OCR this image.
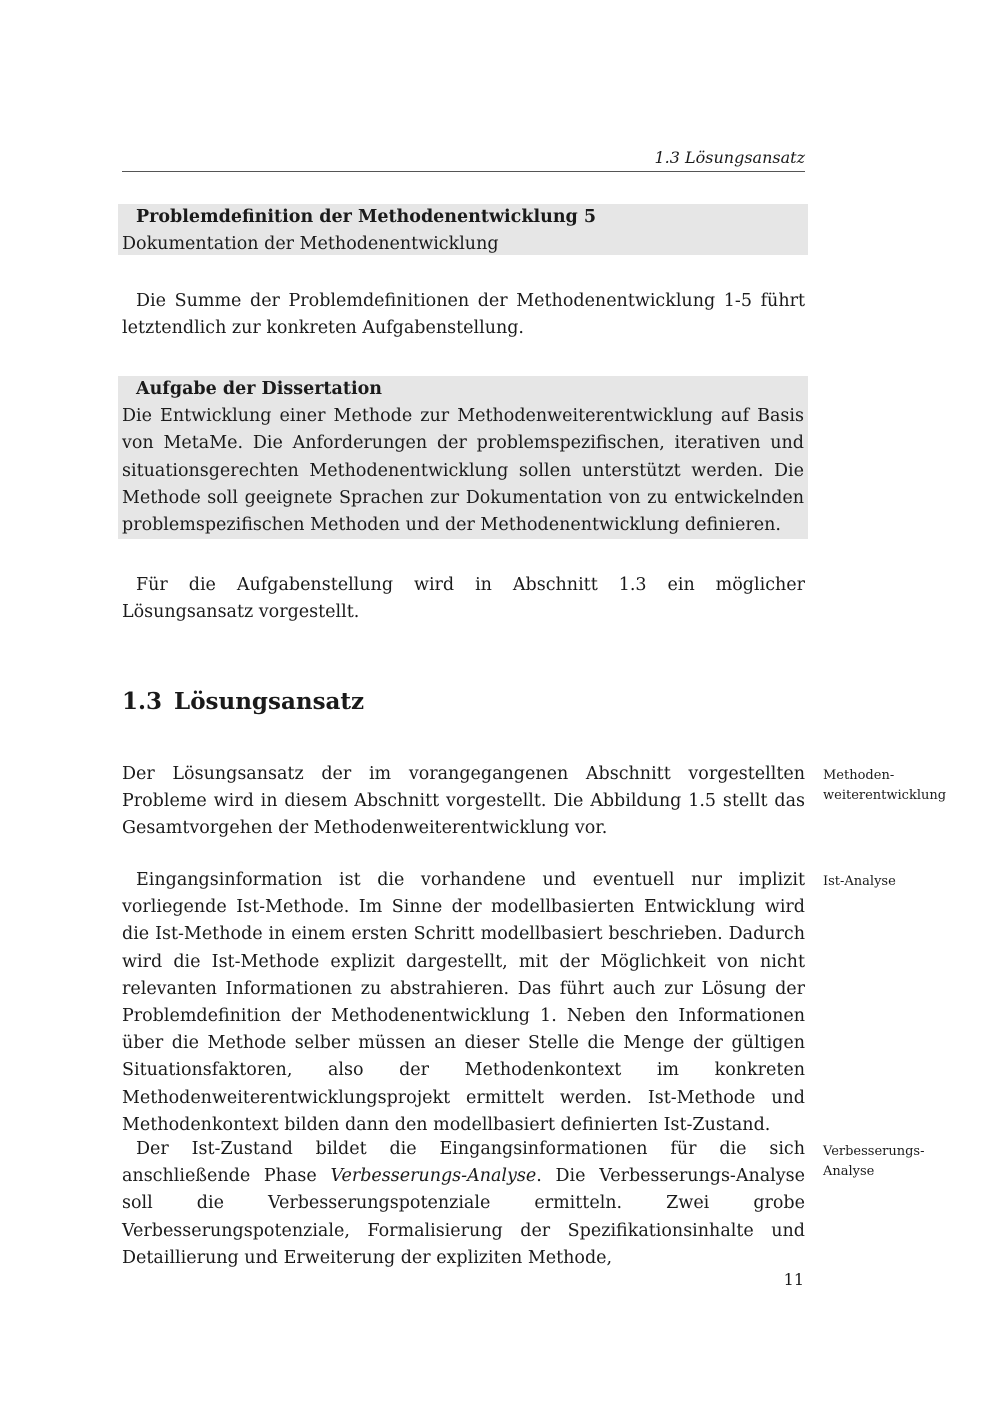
1.3 Lösungsansatz
Problemdefinition der Methodenentwicklung 5
Dokumentation der Methodenentwicklung

Die Summe der Problemdefinitionen der Methodenentwicklung 1-5 führt letztendlich zur konkreten Aufgabenstellung.

Aufgabe der Dissertation
Die Entwicklung einer Methode zur Methodenweiterentwicklung auf Basis von MetaMe. Die Anforderungen der problemspezifischen, iterativen und situationsgerechten Methodenentwicklung sollen unterstützt werden. Die Methode soll geeignete Sprachen zur Dokumentation von zu entwickelnden problemspezifischen Methoden und der Methodenentwicklung definieren.

Für die Aufgabenstellung wird in Abschnitt 1.3 ein möglicher Lösungsansatz vorgestellt.

1.3 Lösungsansatz

Der Lösungsansatz der im vorangegangenen Abschnitt vorgestellten Probleme wird in diesem Abschnitt vorgestellt. Die Abbildung 1.5 stellt das Gesamtvorgehen der Methodenweiterentwicklung vor.

Eingangsinformation ist die vorhandene und eventuell nur implizit vorliegende Ist-Methode. Im Sinne der modellbasierten Entwicklung wird die Ist-Methode in einem ersten Schritt modellbasiert beschrieben. Dadurch wird die Ist-Methode explizit dargestellt, mit der Möglichkeit von nicht relevanten Informationen zu abstrahieren. Das führt auch zur Lösung der Problemdefinition der Methodenentwicklung 1. Neben den Informationen über die Methode selber müssen an dieser Stelle die Menge der gültigen Situationsfaktoren, also der Methodenkontext im konkreten Methodenweiterentwicklungsprojekt ermittelt werden. Ist-Methode und Methodenkontext bilden dann den modellbasiert definierten Ist-Zustand.

Der Ist-Zustand bildet die Eingangsinformationen für die sich anschließende Phase Verbesserungs-Analyse. Die Verbesserungs-Analyse soll die Verbesserungspotenziale ermitteln. Zwei grobe Verbesserungspotenziale, Formalisierung der Spezifikationsinhalte und Detaillierung und Erweiterung der expliziten Methode,

Methoden-
weiterentwicklung
Ist-Analyse
Verbesserungs-
Analyse
11
